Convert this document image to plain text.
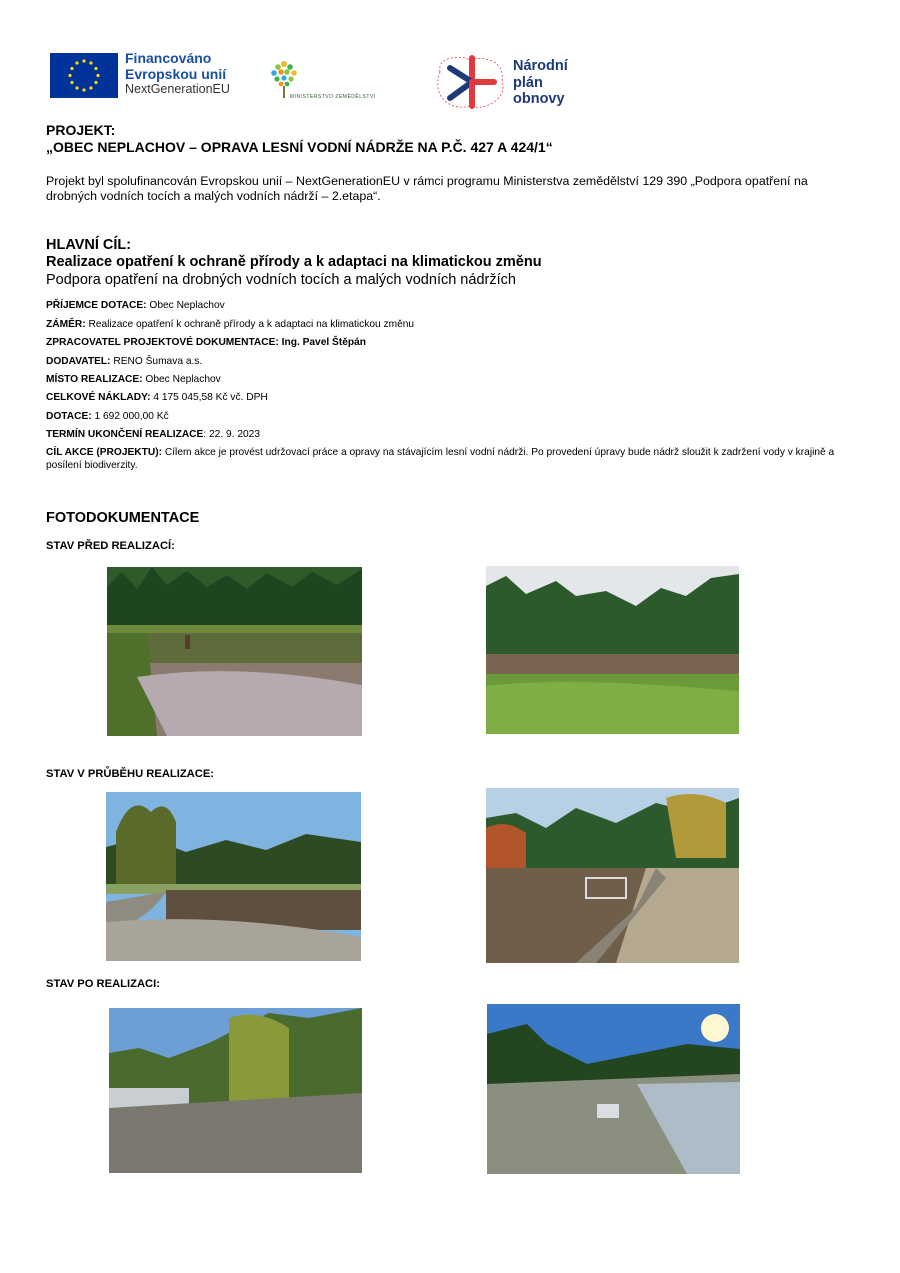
Financováno
Evropskou unií
NextGenerationEU
MINISTERSTVO ZEMĚDĚLSTVÍ
Národní
plán
obnovy
PROJEKT:
„OBEC NEPLACHOV – OPRAVA LESNÍ VODNÍ NÁDRŽE NA P.Č. 427 A 424/1“
Projekt byl spolufinancován Evropskou unií – NextGenerationEU v rámci programu Ministerstva zemědělství 129 390 „Podpora opatření na drobných vodních tocích a malých vodních nádrží – 2.etapa“.
HLAVNÍ CÍL:
Realizace opatření k ochraně přírody a k adaptaci na klimatickou změnu
Podpora opatření na drobných vodních tocích a malých vodních nádržích
PŘÍJEMCE DOTACE: Obec Neplachov
ZÁMĚR: Realizace opatření k ochraně přírody a k adaptaci na klimatickou změnu
ZPRACOVATEL PROJEKTOVÉ DOKUMENTACE: Ing. Pavel Štěpán
DODAVATEL: RENO Šumava a.s.
MÍSTO REALIZACE: Obec Neplachov
CELKOVÉ NÁKLADY: 4 175 045,58 Kč vč. DPH
DOTACE: 1 692 000,00 Kč
TERMÍN UKONČENÍ REALIZACE: 22. 9. 2023
CÍL AKCE (PROJEKTU): Cílem akce je provést udržovací práce a opravy na stávajícím lesní vodní nádrži. Po provedení úpravy bude nádrž sloužit k zadržení vody v krajině a posílení biodiverzity.
FOTODOKUMENTACE
STAV PŘED REALIZACÍ:
STAV V PRŮBĚHU REALIZACE:
STAV PO REALIZACI:
